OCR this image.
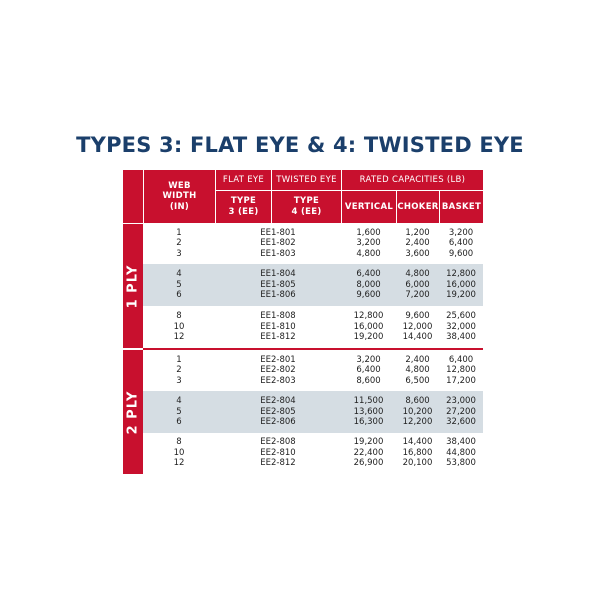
TYPES 3: FLAT EYE & 4: TWISTED EYE
WEB WIDTH (IN)
FLAT EYE	TWISTED EYE	RATED CAPACITIES (LB)
TYPE 3 (EE)
TYPE 4 (EE)
VERTICAL CHOKER BASKET
1 PLY
2 PLY
1
2
3
EE1-801
EE1-802
EE1-803
1,600
3,200
4,800
1,200
2,400
3,600
3,200
6,400
9,600
4
5
6
EE1-804
EE1-805
EE1-806
6,400
8,000
9,600
4,800
6,000
7,200
12,800
16,000
19,200
8
10
12
EE1-808
EE1-810
EE1-812
12,800
16,000
19,200
9,600
12,000
14,400
25,600
32,000
38,400
1
2
3
EE2-801
EE2-802
EE2-803
3,200
6,400
8,600
2,400
4,800
6,500
6,400
12,800
17,200
4
5
6
EE2-804
EE2-805
EE2-806
11,500
13,600
16,300
8,600
10,200
12,200
23,000
27,200
32,600
8
10
12
EE2-808
EE2-810
EE2-812
19,200
22,400
26,900
14,400
16,800
20,100
38,400
44,800
53,800
